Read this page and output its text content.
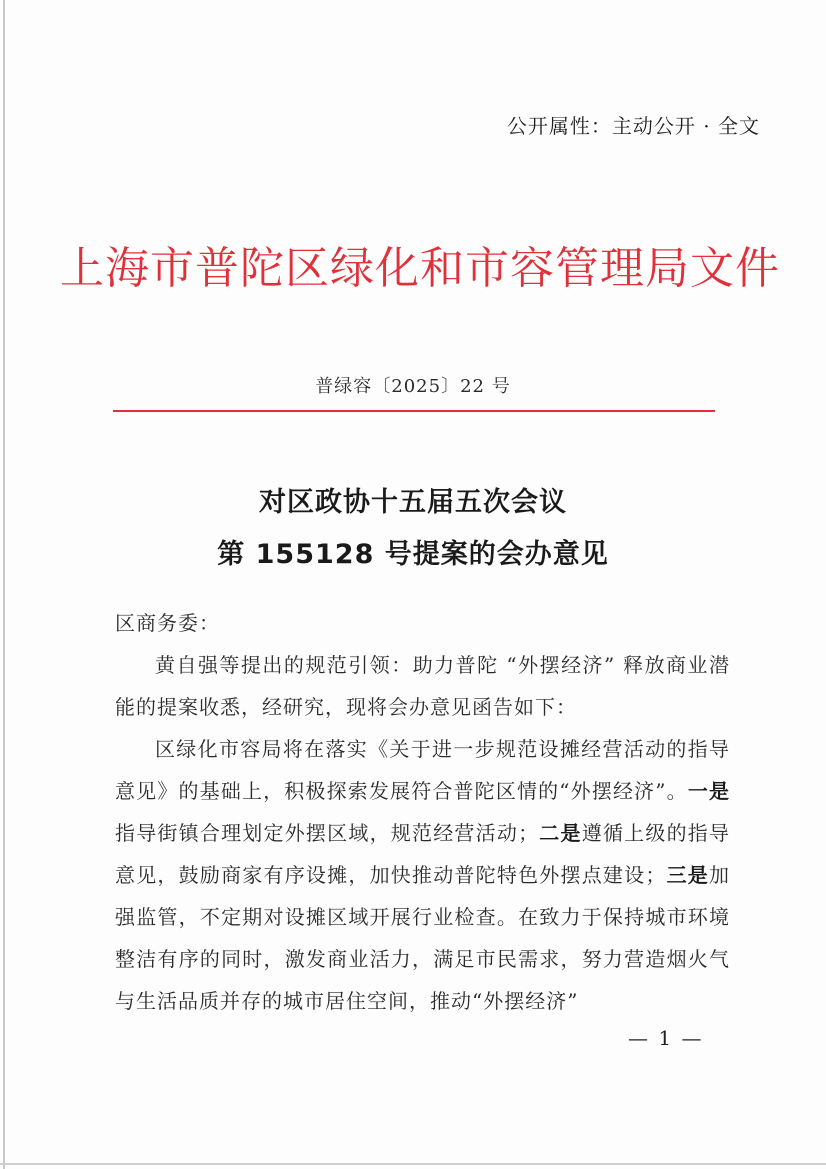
公开属性：主动公开 · 全文
上海市普陀区绿化和市容管理局文件
普绿容〔2025〕22 号
对区政协十五届五次会议
第 155128 号提案的会办意见

区商务委：

黄自强等提出的规范引领：助力普陀 “外摆经济” 释放商业潜能的提案收悉，经研究，现将会办意见函告如下：

区绿化市容局将在落实《关于进一步规范设摊经营活动的指导意见》的基础上，积极探索发展符合普陀区情的“外摆经济”。一是指导街镇合理划定外摆区域，规范经营活动；二是遵循上级的指导意见，鼓励商家有序设摊，加快推动普陀特色外摆点建设；三是加强监管，不定期对设摊区域开展行业检查。在致力于保持城市环境整洁有序的同时，激发商业活力，满足市民需求，努力营造烟火气与生活品质并存的城市居住空间，推动“外摆经济”

— 1 —
